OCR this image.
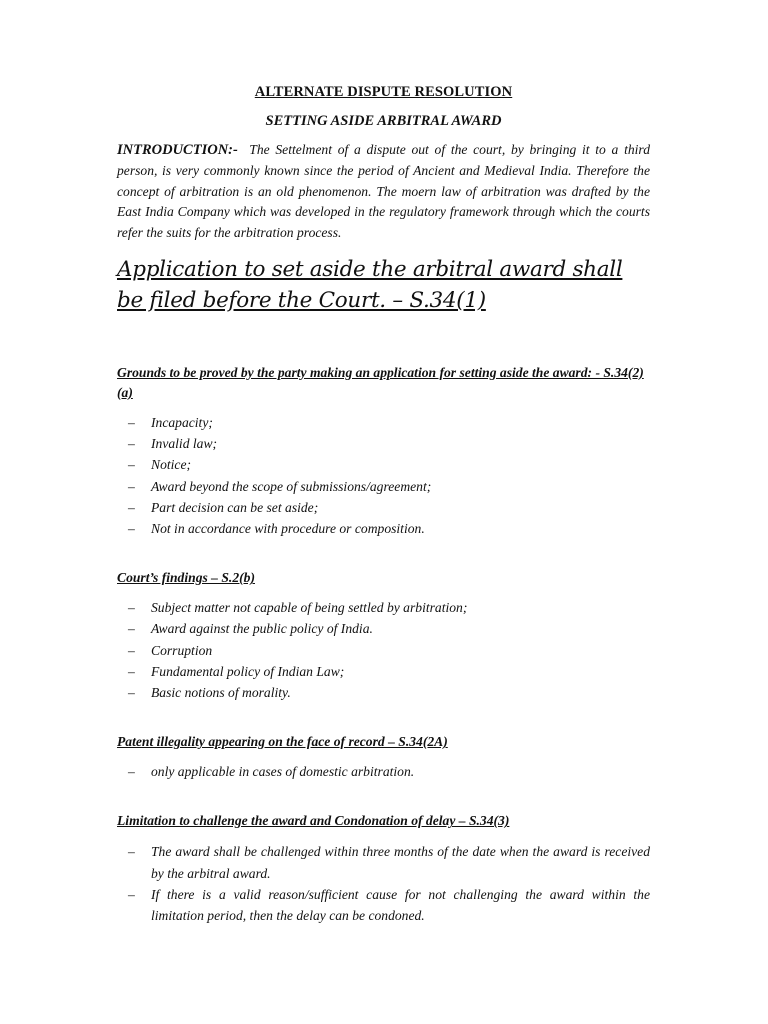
ALTERNATE DISPUTE RESOLUTION
SETTING ASIDE ARBITRAL AWARD

INTRODUCTION:- The Settelment of a dispute out of the court, by bringing it to a third person, is very commonly known since the period of Ancient and Medieval India. Therefore the concept of arbitration is an old phenomenon. The moern law of arbitration was drafted by the East India Company which was developed in the regulatory framework through which the courts refer the suits for the arbitration process.

Application to set aside the arbitral award shall be filed before the Court. – S.34(1)
Grounds to be proved by the party making an application for setting aside the award: - S.34(2)(a)
– Incapacity;
– Invalid law;
– Notice;
– Award beyond the scope of submissions/agreement;
– Part decision can be set aside;
– Not in accordance with procedure or composition.
Court’s findings – S.2(b)
– Subject matter not capable of being settled by arbitration;
– Award against the public policy of India.
– Corruption
– Fundamental policy of Indian Law;
– Basic notions of morality.
Patent illegality appearing on the face of record – S.34(2A)
– only applicable in cases of domestic arbitration.
Limitation to challenge the award and Condonation of delay – S.34(3)
– The award shall be challenged within three months of the date when the award is received by the arbitral award.
– If there is a valid reason/sufficient cause for not challenging the award within the limitation period, then the delay can be condoned.
